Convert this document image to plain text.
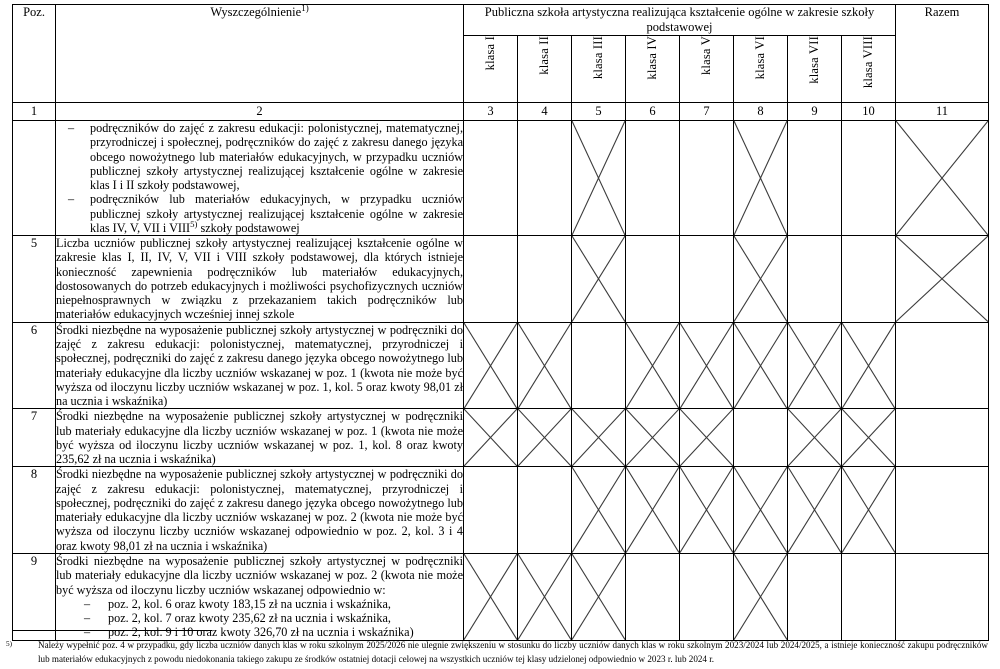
Poz.	Wyszczególnienie$^{1)}$	Publiczna szkoła artystyczna realizująca kształcenie ogólne w zakresie szkoły podstawowej								Razem

		klasa I	klasa II	klasa III	klasa IV	klasa V	klasa VI	klasa VII	klasa VIII	

1	2	3	4	5	6	7	8	9	10	11

– podręczników do zajęć z zakresu edukacji: polonistycznej, matematycznej, przyrodniczej i społecznej, podręczników do zajęć z zakresu danego języka obcego nowożytnego lub materiałów edukacyjnych, w przypadku uczniów publicznej szkoły artystycznej realizującej kształcenie ogólne w zakresie klas I i II szkoły podstawowej,
– podręczników lub materiałów edukacyjnych, w przypadku uczniów publicznej szkoły artystycznej realizującej kształcenie ogólne w zakresie klas IV, V, VII i VIII$^{5)}$ szkoły podstawowej

5	Liczba uczniów publicznej szkoły artystycznej realizującej kształcenie ogólne w zakresie klas I, II, IV, V, VII i VIII szkoły podstawowej, dla których istnieje konieczność zapewnienia podręczników lub materiałów edukacyjnych, dostosowanych do potrzeb edukacyjnych i możliwości psychofizycznych uczniów niepełnosprawnych w związku z przekazaniem takich podręczników lub materiałów edukacyjnych wcześniej innej szkole

6	Środki niezbędne na wyposażenie publicznej szkoły artystycznej w podręczniki do zajęć z zakresu edukacji: polonistycznej, matematycznej, przyrodniczej i społecznej, podręczniki do zajęć z zakresu danego języka obcego nowożytnego lub materiały edukacyjne dla liczby uczniów wskazanej w poz. 1 (kwota nie może być wyższa od iloczynu liczby uczniów wskazanej w poz. 1, kol. 5 oraz kwoty 98,01 zł na ucznia i wskaźnika)

7	Środki niezbędne na wyposażenie publicznej szkoły artystycznej w podręczniki lub materiały edukacyjne dla liczby uczniów wskazanej w poz. 1 (kwota nie może być wyższa od iloczynu liczby uczniów wskazanej w poz. 1, kol. 8 oraz kwoty 235,62 zł na ucznia i wskaźnika)

8	Środki niezbędne na wyposażenie publicznej szkoły artystycznej w podręczniki do zajęć z zakresu edukacji: polonistycznej, matematycznej, przyrodniczej i społecznej, podręczniki do zajęć z zakresu danego języka obcego nowożytnego lub materiały edukacyjne dla liczby uczniów wskazanej w poz. 2 (kwota nie może być wyższa od iloczynu liczby uczniów wskazanej odpowiednio w poz. 2, kol. 3 i 4 oraz kwoty 98,01 zł na ucznia i wskaźnika)

9	Środki niezbędne na wyposażenie publicznej szkoły artystycznej w podręczniki lub materiały edukacyjne dla liczby uczniów wskazanej w poz. 2 (kwota nie może być wyższa od iloczynu liczby uczniów wskazanej odpowiednio w:

– poz. 2, kol. 6 oraz kwoty 183,15 zł na ucznia i wskaźnika,
– poz. 2, kol. 7 oraz kwoty 235,62 zł na ucznia i wskaźnika,
– poz. 2, kol. 9 i 10 oraz kwoty 326,70 zł na ucznia i wskaźnika)

5)	Należy wypełnić poz. 4 w przypadku, gdy liczba uczniów danych klas w roku szkolnym 2025/2026 nie ulegnie zwiększeniu w stosunku do liczby uczniów danych klas w roku szkolnym 2023/2024 lub 2024/2025, a istnieje konieczność zakupu podręczników lub materiałów edukacyjnych z powodu niedokonania takiego zakupu ze środków ostatniej dotacji celowej na wszystkich uczniów tej klasy udzielonej odpowiednio w 2023 r. lub 2024 r.
